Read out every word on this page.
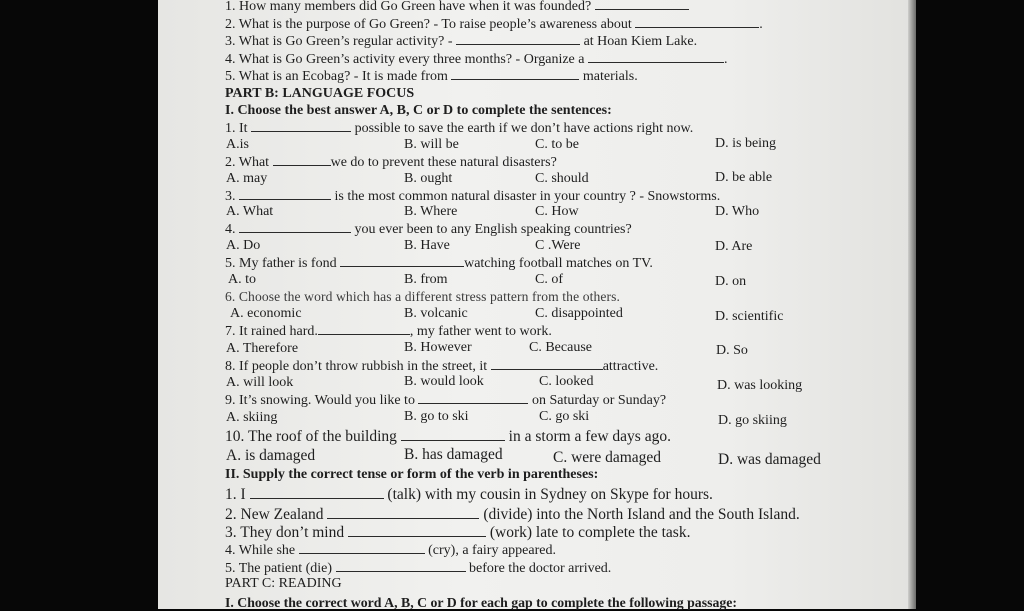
1. How many members did Go Green have when it was founded?
2. What is the purpose of Go Green? - To raise people’s awareness about	.
3. What is Go Green’s regular activity? -	at Hoan Kiem Lake.
4. What is Go Green’s activity every three months? - Organize a	.
5. What is an Ecobag? - It is made from	materials.
PART B: LANGUAGE FOCUS
I. Choose the best answer A, B, C or D to complete the sentences:
1. It	possible to save the earth if we don’t have actions right now.
A.is	B. will be	C. to be	D. is being
2. What	we do to prevent these natural disasters?
A. may	B. ought	C. should	D. be able
3.	is the most common natural disaster in your country ? - Snowstorms.
A. What	B. Where	C. How	D. Who
4.	you ever been to any English speaking countries?
A. Do	B. Have	C .Were	D. Are
5. My father is fond	watching football matches on TV.
A. to	B. from	C. of	D. on
6. Choose the word which has a different stress pattern from the others.
A. economic	B. volcanic	C. disappointed	D. scientific
7. It rained hard.	, my father went to work.
A. Therefore	B. However	C. Because	D. So
8. If people don’t throw rubbish in the street, it	attractive.
A. will look	B. would look	C. looked	D. was looking
9. It’s snowing. Would you like to	on Saturday or Sunday?
A. skiing	B. go to ski	C. go ski	D. go skiing
10. The roof of the building	in a storm a few days ago.
A. is damaged	B. has damaged	C. were damaged	D. was damaged
II. Supply the correct tense or form of the verb in parentheses:
1. I	(talk) with my cousin in Sydney on Skype for hours.
2. New Zealand	(divide) into the North Island and the South Island.
3. They don’t mind	(work) late to complete the task.
4. While she	(cry), a fairy appeared.
5. The patient (die)	before the doctor arrived.
PART C: READING
I. Choose the correct word A, B, C or D for each gap to complete the following passage:
